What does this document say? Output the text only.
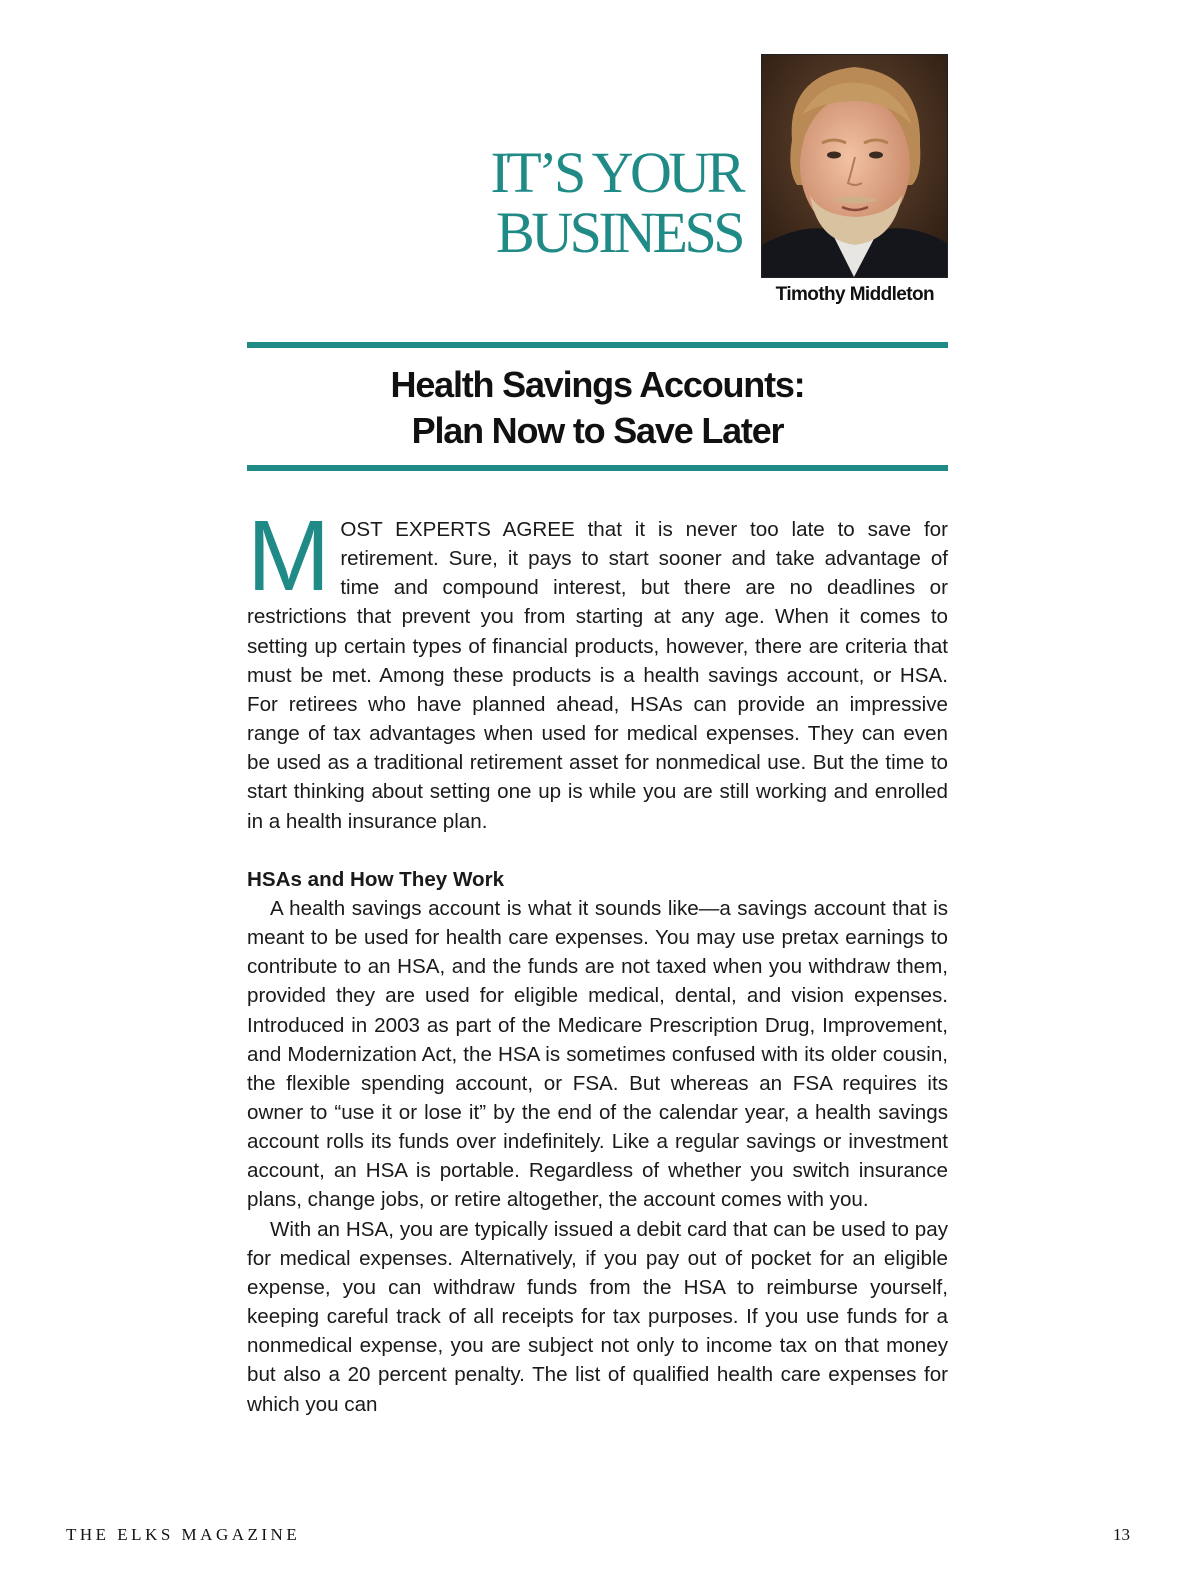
IT’S YOUR
BUSINESS
Timothy Middleton
Health Savings Accounts:
Plan Now to Save Later

MOST EXPERTS AGREE that it is never too late to save for retirement. Sure, it pays to start sooner and take advantage of time and compound interest, but there are no deadlines or restrictions that prevent you from starting at any age. When it comes to setting up certain types of financial products, however, there are criteria that must be met. Among these products is a health savings account, or HSA. For retirees who have planned ahead, HSAs can provide an impressive range of tax advantages when used for medical expenses. They can even be used as a traditional retirement asset for nonmedical use. But the time to start thinking about setting one up is while you are still working and enrolled in a health insurance plan.

HSAs and How They Work

A health savings account is what it sounds like—a savings account that is meant to be used for health care expenses. You may use pretax earnings to contribute to an HSA, and the funds are not taxed when you withdraw them, provided they are used for eligible medical, dental, and vision expenses. Introduced in 2003 as part of the Medicare Prescription Drug, Improvement, and Modernization Act, the HSA is sometimes confused with its older cousin, the flexible spending account, or FSA. But whereas an FSA requires its owner to “use it or lose it” by the end of the calendar year, a health savings account rolls its funds over indefinitely. Like a regular savings or investment account, an HSA is portable. Regardless of whether you switch insurance plans, change jobs, or retire altogether, the account comes with you.

With an HSA, you are typically issued a debit card that can be used to pay for medical expenses. Alternatively, if you pay out of pocket for an eligible expense, you can withdraw funds from the HSA to reimburse yourself, keeping careful track of all receipts for tax purposes. If you use funds for a nonmedical expense, you are subject not only to income tax on that money but also a 20 percent penalty. The list of qualified health care expenses for which you can

THE ELKS MAGAZINE	13
